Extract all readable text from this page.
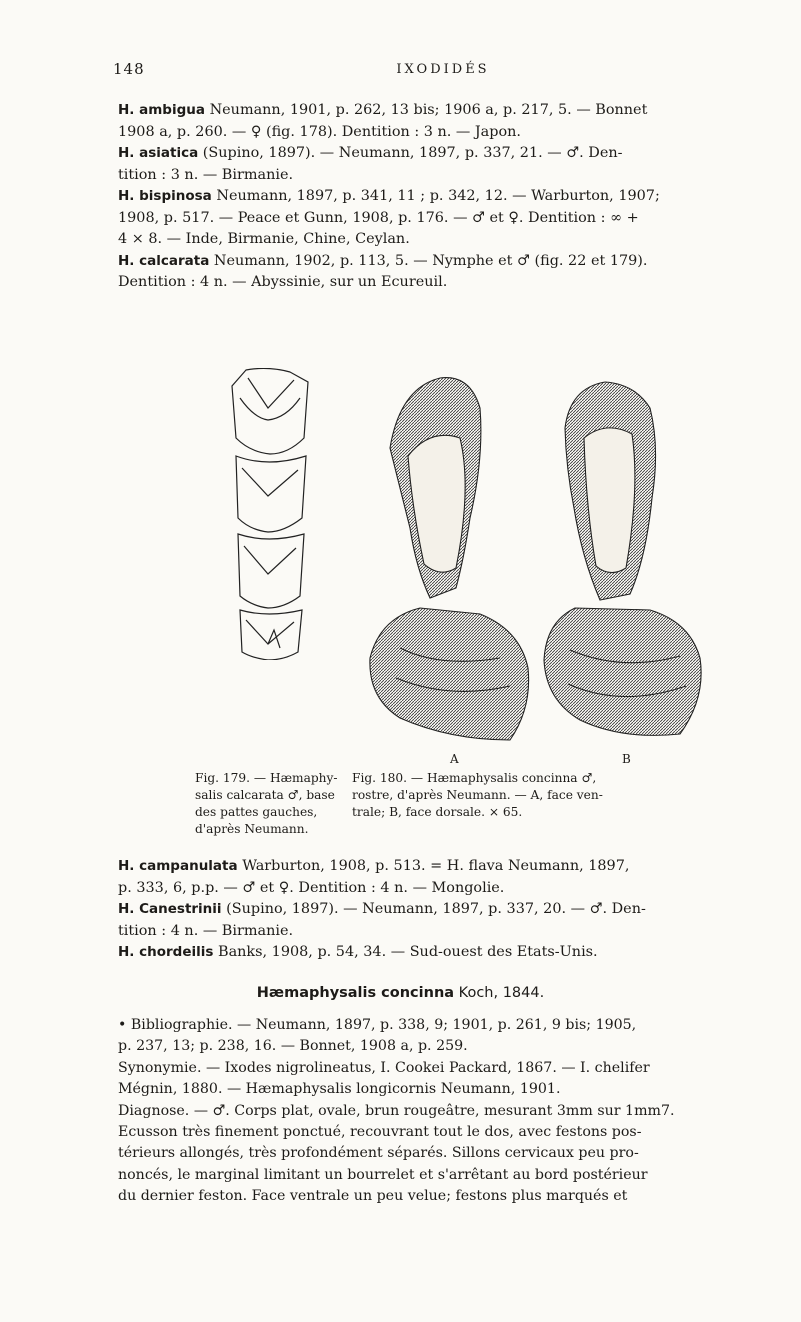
148	IXODIDÉS
H. ambigua Neumann, 1901, p. 262, 13 bis; 1906 a, p. 217, 5. — Bonnet
1908 a, p. 260. — ♀ (fig. 178). Dentition : 3 n. — Japon.
H. asiatica (Supino, 1897). — Neumann, 1897, p. 337, 21. — ♂. Den-
tition : 3 n. — Birmanie.
H. bispinosa Neumann, 1897, p. 341, 11 ; p. 342, 12. — Warburton, 1907;
1908, p. 517. — Peace et Gunn, 1908, p. 176. — ♂ et ♀. Dentition : ∞ +
4 × 8. — Inde, Birmanie, Chine, Ceylan.
H. calcarata Neumann, 1902, p. 113, 5. — Nymphe et ♂ (fig. 22 et 179).
Dentition : 4 n. — Abyssinie, sur un Ecureuil.
A	B
Fig. 179. — Hæmaphy-
salis calcarata ♂, base
des pattes gauches,
d'après Neumann.
Fig. 180. — Hæmaphysalis concinna ♂,
rostre, d'après Neumann. — A, face ven-
trale; B, face dorsale. × 65.
H. campanulata Warburton, 1908, p. 513. = H. flava Neumann, 1897,
p. 333, 6, p.p. — ♂ et ♀. Dentition : 4 n. — Mongolie.
H. Canestrinii (Supino, 1897). — Neumann, 1897, p. 337, 20. — ♂. Den-
tition : 4 n. — Birmanie.
H. chordeilis Banks, 1908, p. 54, 34. — Sud-ouest des Etats-Unis.
Hæmaphysalis concinna Koch, 1844.
• Bibliographie. — Neumann, 1897, p. 338, 9; 1901, p. 261, 9 bis; 1905,
p. 237, 13; p. 238, 16. — Bonnet, 1908 a, p. 259.
Synonymie. — Ixodes nigrolineatus, I. Cookei Packard, 1867. — I. chelifer
Mégnin, 1880. — Hæmaphysalis longicornis Neumann, 1901.
Diagnose. — ♂. Corps plat, ovale, brun rougeâtre, mesurant 3mm sur 1mm7.
Ecusson très finement ponctué, recouvrant tout le dos, avec festons pos-
térieurs allongés, très profondément séparés. Sillons cervicaux peu pro-
noncés, le marginal limitant un bourrelet et s'arrêtant au bord postérieur
du dernier feston. Face ventrale un peu velue; festons plus marqués et
